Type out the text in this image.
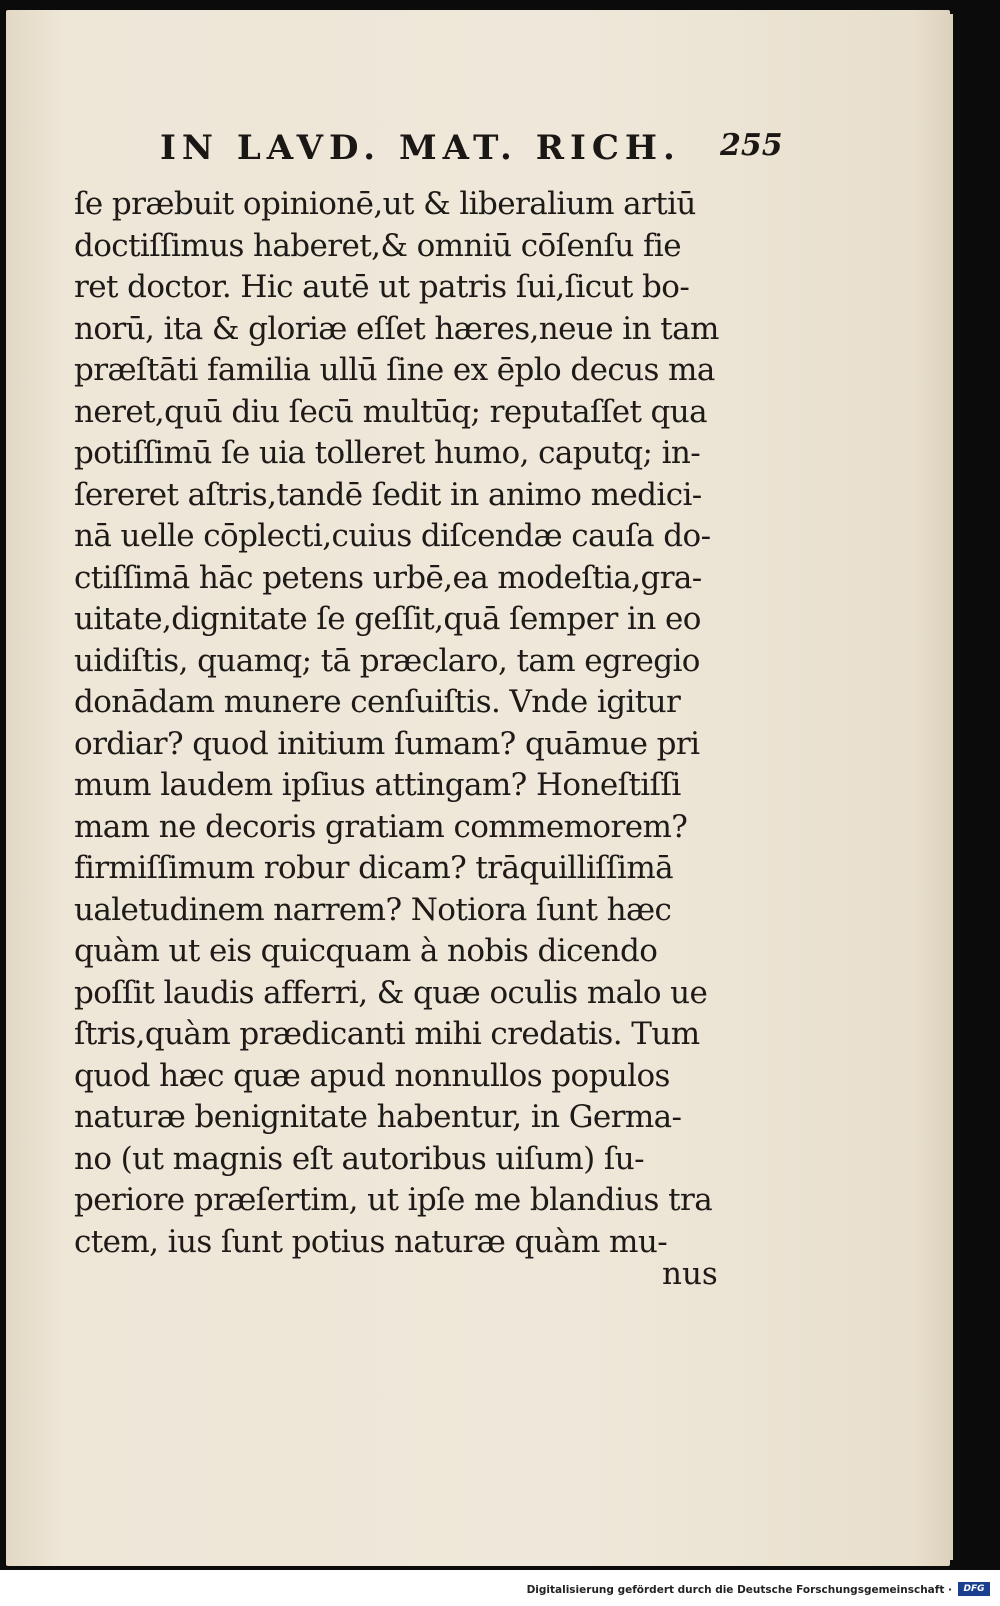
IN LAVD. MAT. RICH. 255
ſe præbuit opinionē,ut & liberalium artiū
doctiſſimus haberet,& omniū cōſenſu fie
ret doctor. Hic autē ut patris ſui,ſicut bo-
norū, ita & gloriæ eſſet hæres,neue in tam
præſtāti familia ullū ſine ex ēplo decus ma
neret,quū diu ſecū multūq; reputaſſet qua
potiſſimū ſe uia tolleret humo, caputq; in-
ſereret aſtris,tandē ſedit in animo medici-
nā uelle cōplecti,cuius diſcendæ cauſa do-
ctiſſimā hāc petens urbē,ea modeſtia,gra-
uitate,dignitate ſe geſſit,quā ſemper in eo
uidiſtis, quamq; tā præclaro, tam egregio
donādam munere cenſuiſtis. Vnde igitur
ordiar? quod initium ſumam? quāmue pri
mum laudem ipſius attingam? Honeſtiſſi
mam ne decoris gratiam commemorem?
firmiſſimum robur dicam? trāquilliſſimā
ualetudinem narrem? Notiora ſunt hæc
quàm ut eis quicquam à nobis dicendo
poſſit laudis afferri, & quæ oculis malo ue
ſtris,quàm prædicanti mihi credatis. Tum
quod hæc quæ apud nonnullos populos
naturæ benignitate habentur, in Germa-
no (ut magnis eſt autoribus uiſum) ſu-
periore præſertim, ut ipſe me blandius tra
ctem, ius ſunt potius naturæ quàm mu-
nus
Digitalisierung gefördert durch die Deutsche Forschungsgemeinschaft ·	DFG
